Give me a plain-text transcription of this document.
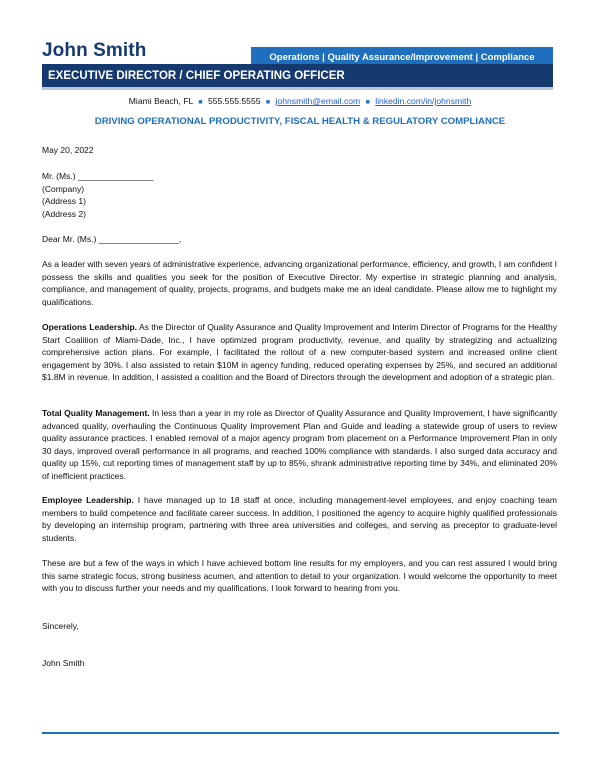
John Smith	Operations | Quality Assurance/Improvement | Compliance
EXECUTIVE DIRECTOR / CHIEF OPERATING OFFICER
Miami Beach, FL ■ 555.555.5555 ■ johnsmith@email.com ■ linkedin.com/in/johnsmith
DRIVING OPERATIONAL PRODUCTIVITY, FISCAL HEALTH & REGULATORY COMPLIANCE
May 20, 2022
Mr. (Ms.) ________________
(Company)
(Address 1)
(Address 2)
Dear Mr. (Ms.) _________________,
As a leader with seven years of administrative experience, advancing organizational performance, efficiency, and growth, I am confident I possess the skills and qualities you seek for the position of Executive Director. My expertise in strategic planning and analysis, compliance, and management of quality, projects, programs, and budgets make me an ideal candidate. Please allow me to highlight my qualifications.
Operations Leadership. As the Director of Quality Assurance and Quality Improvement and Interim Director of Programs for the Healthy Start Coalition of Miami-Dade, Inc., I have optimized program productivity, revenue, and quality by strategizing and actualizing comprehensive action plans. For example, I facilitated the rollout of a new computer-based system and increased online client engagement by 30%. I also assisted to retain $10M in agency funding, reduced operating expenses by 25%, and secured an additional $1.8M in revenue. In addition, I assisted a coalition and the Board of Directors through the development and adoption of a strategic plan.
Total Quality Management. In less than a year in my role as Director of Quality Assurance and Quality Improvement, I have significantly advanced quality, overhauling the Continuous Quality Improvement Plan and Guide and leading a statewide group of users to review quality assurance practices. I enabled removal of a major agency program from placement on a Performance Improvement Plan in only 30 days, improved overall performance in all programs, and reached 100% compliance with standards. I also surged data accuracy and quality up 15%, cut reporting times of management staff by up to 85%, shrank administrative reporting time by 34%, and eliminated 20% of inefficient practices.
Employee Leadership. I have managed up to 18 staff at once, including management-level employees, and enjoy coaching team members to build competence and facilitate career success. In addition, I positioned the agency to acquire highly qualified professionals by developing an internship program, partnering with three area universities and colleges, and serving as preceptor to graduate-level students.
These are but a few of the ways in which I have achieved bottom line results for my employers, and you can rest assured I would bring this same strategic focus, strong business acumen, and attention to detail to your organization. I would welcome the opportunity to meet with you to discuss further your needs and my qualifications. I look forward to hearing from you.
Sincerely,
John Smith
